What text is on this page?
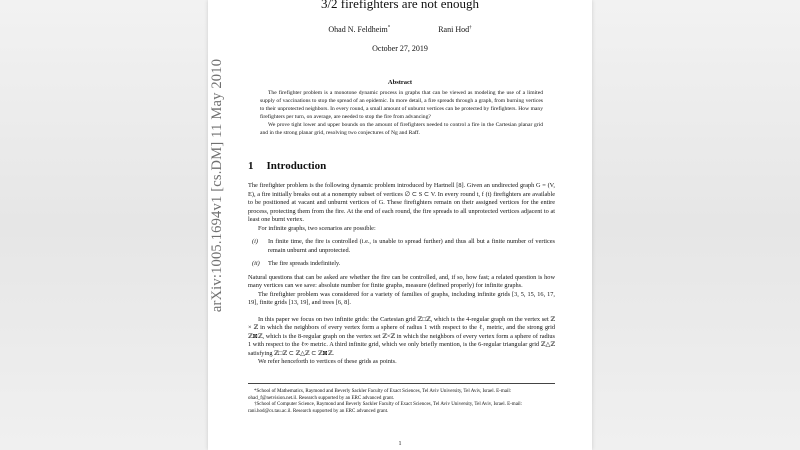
3/2 firefighters are not enough
Ohad N. Feldheim*	Rani Hod†
October 27, 2019
Abstract

The firefighter problem is a monotone dynamic process in graphs that can be viewed as modeling the use of a limited supply of vaccinations to stop the spread of an epidemic. In more detail, a fire spreads through a graph, from burning vertices to their unprotected neighbors. In every round, a small amount of unburnt vertices can be protected by firefighters. How many firefighters per turn, on average, are needed to stop the fire from advancing?

We prove tight lower and upper bounds on the amount of firefighters needed to control a fire in the Cartesian planar grid and in the strong planar grid, resolving two conjectures of Ng and Raff.

1 Introduction

The firefighter problem is the following dynamic problem introduced by Hartnell [8]. Given an undirected graph G = (V, E), a fire initially breaks out at a nonempty subset of vertices ∅ ⊂ S ⊂ V. In every round t, f (t) firefighters are available to be positioned at vacant and unburnt vertices of G. These firefighters remain on their assigned vertices for the entire process, protecting them from the fire. At the end of each round, the fire spreads to all unprotected vertices adjacent to at least one burnt vertex.

For infinite graphs, two scenarios are possible:

(i)	In finite time, the fire is controlled (i.e., is unable to spread further) and thus all but a finite number of vertices remain unburnt and unprotected.
(ii)	The fire spreads indefinitely.

Natural questions that can be asked are whether the fire can be controlled, and, if so, how fast; a related question is how many vertices can we save: absolute number for finite graphs, measure (defined properly) for infinite graphs.

The firefighter problem was considered for a variety of families of graphs, including infinite grids [3, 5, 15, 16, 17, 19], finite grids [13, 19], and trees [6, 8].

In this paper we focus on two infinite grids: the Cartesian grid ℤ□ℤ, which is the 4-regular graph on the vertex set ℤ × ℤ in which the neighbors of every vertex form a sphere of radius 1 with respect to the ℓ₁ metric, and the strong grid ℤ⊠ℤ, which is the 8-regular graph on the vertex set ℤ×ℤ in which the neighbors of every vertex form a sphere of radius 1 with respect to the ℓ∞ metric. A third infinite grid, which we only briefly mention, is the 6-regular triangular grid ℤ△ℤ satisfying ℤ□ℤ ⊂ ℤ△ℤ ⊂ ℤ⊠ℤ.

We refer henceforth to vertices of these grids as points.

*School of Mathematics, Raymond and Beverly Sackler Faculty of Exact Sciences, Tel Aviv University, Tel Aviv, Israel. E-mail: ohad_f@netvision.net.il. Research supported by an ERC advanced grant.

†School of Computer Science, Raymond and Beverly Sackler Faculty of Exact Sciences, Tel Aviv University, Tel Aviv, Israel. E-mail: rani.hod@cs.tau.ac.il. Research supported by an ERC advanced grant.

1
arXiv:1005.1694v1 [cs.DM] 11 May 2010
